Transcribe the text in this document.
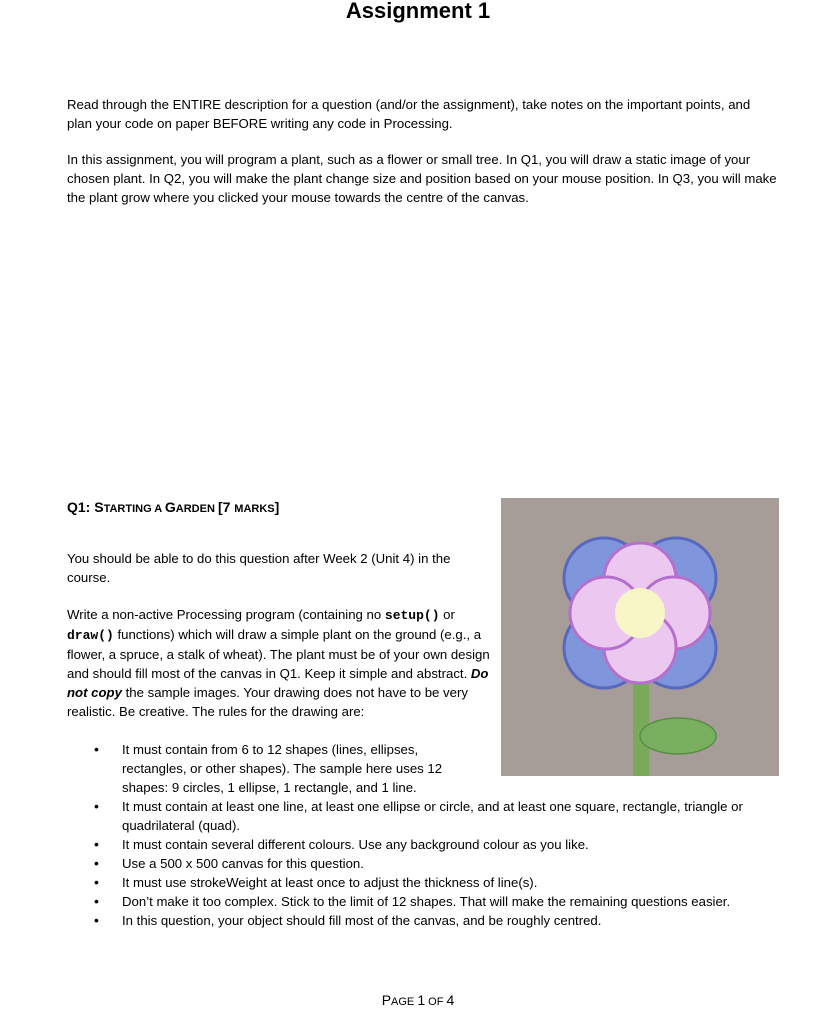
Assignment 1

Read through the ENTIRE description for a question (and/or the assignment), take notes on the important points, and plan your code on paper BEFORE writing any code in Processing.

In this assignment, you will program a plant, such as a flower or small tree. In Q1, you will draw a static image of your chosen plant. In Q2, you will make the plant change size and position based on your mouse position. In Q3, you will make the plant grow where you clicked your mouse towards the centre of the canvas.

Q1: STARTING A GARDEN [7 MARKS]

You should be able to do this question after Week 2 (Unit 4) in the course.

Write a non-active Processing program (containing no setup() or draw() functions) which will draw a simple plant on the ground (e.g., a flower, a spruce, a stalk of wheat). The plant must be of your own design and should fill most of the canvas in Q1. Keep it simple and abstract. Do not copy the sample images. Your drawing does not have to be very realistic. Be creative. The rules for the drawing are:

• It must contain from 6 to 12 shapes (lines, ellipses, rectangles, or other shapes). The sample here uses 12 shapes: 9 circles, 1 ellipse, 1 rectangle, and 1 line.
• It must contain at least one line, at least one ellipse or circle, and at least one square, rectangle, triangle or quadrilateral (quad).
• It must contain several different colours. Use any background colour as you like.
• Use a 500 x 500 canvas for this question.
• It must use strokeWeight at least once to adjust the thickness of line(s).
• Don’t make it too complex. Stick to the limit of 12 shapes. That will make the remaining questions easier.
• In this question, your object should fill most of the canvas, and be roughly centred.
PAGE 1 OF 4
